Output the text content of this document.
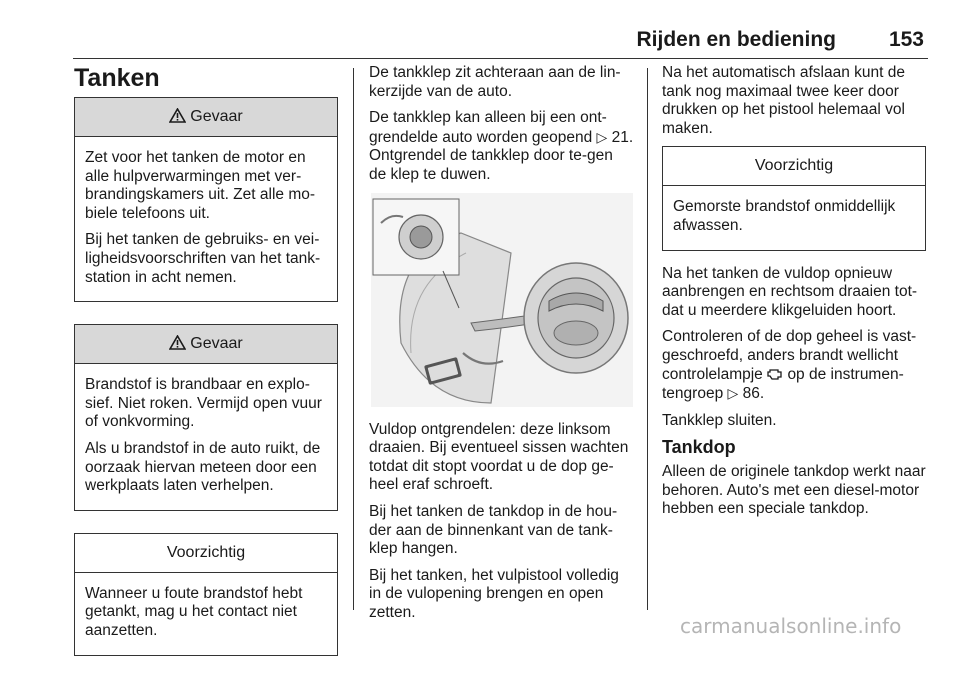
Rijden en bediening	153
Tanken
Gevaar

Zet voor het tanken de motor en alle hulpverwarmingen met ver-brandingskamers uit. Zet alle mo-biele telefoons uit.

Bij het tanken de gebruiks- en vei-ligheidsvoorschriften van het tank-station in acht nemen.

Gevaar

Brandstof is brandbaar en explo-sief. Niet roken. Vermijd open vuur of vonkvorming.

Als u brandstof in de auto ruikt, de oorzaak hiervan meteen door een werkplaats laten verhelpen.

Voorzichtig

Wanneer u foute brandstof hebt getankt, mag u het contact niet aanzetten.

De tankklep zit achteraan aan de lin-kerzijde van de auto.

De tankklep kan alleen bij een ont-grendelde auto worden geopend ▷ 21. Ontgrendel de tankklep door te-gen de klep te duwen.

Vuldop ontgrendelen: deze linksom draaien. Bij eventueel sissen wachten totdat dit stopt voordat u de dop ge-heel eraf schroeft.

Bij het tanken de tankdop in de hou-der aan de binnenkant van de tank-klep hangen.

Bij het tanken, het vulpistool volledig in de vulopening brengen en open zetten.

Na het automatisch afslaan kunt de tank nog maximaal twee keer door drukken op het pistool helemaal vol maken.

Voorzichtig

Gemorste brandstof onmiddellijk afwassen.

Na het tanken de vuldop opnieuw aanbrengen en rechtsom draaien tot-dat u meerdere klikgeluiden hoort.

Controleren of de dop geheel is vast-geschroefd, anders brandt wellicht controlelampje op de instrumen-tengroep ▷ 86.

Tankklep sluiten.

Tankdop

Alleen de originele tankdop werkt naar behoren. Auto's met een diesel-motor hebben een speciale tankdop.

carmanualsonline.info
